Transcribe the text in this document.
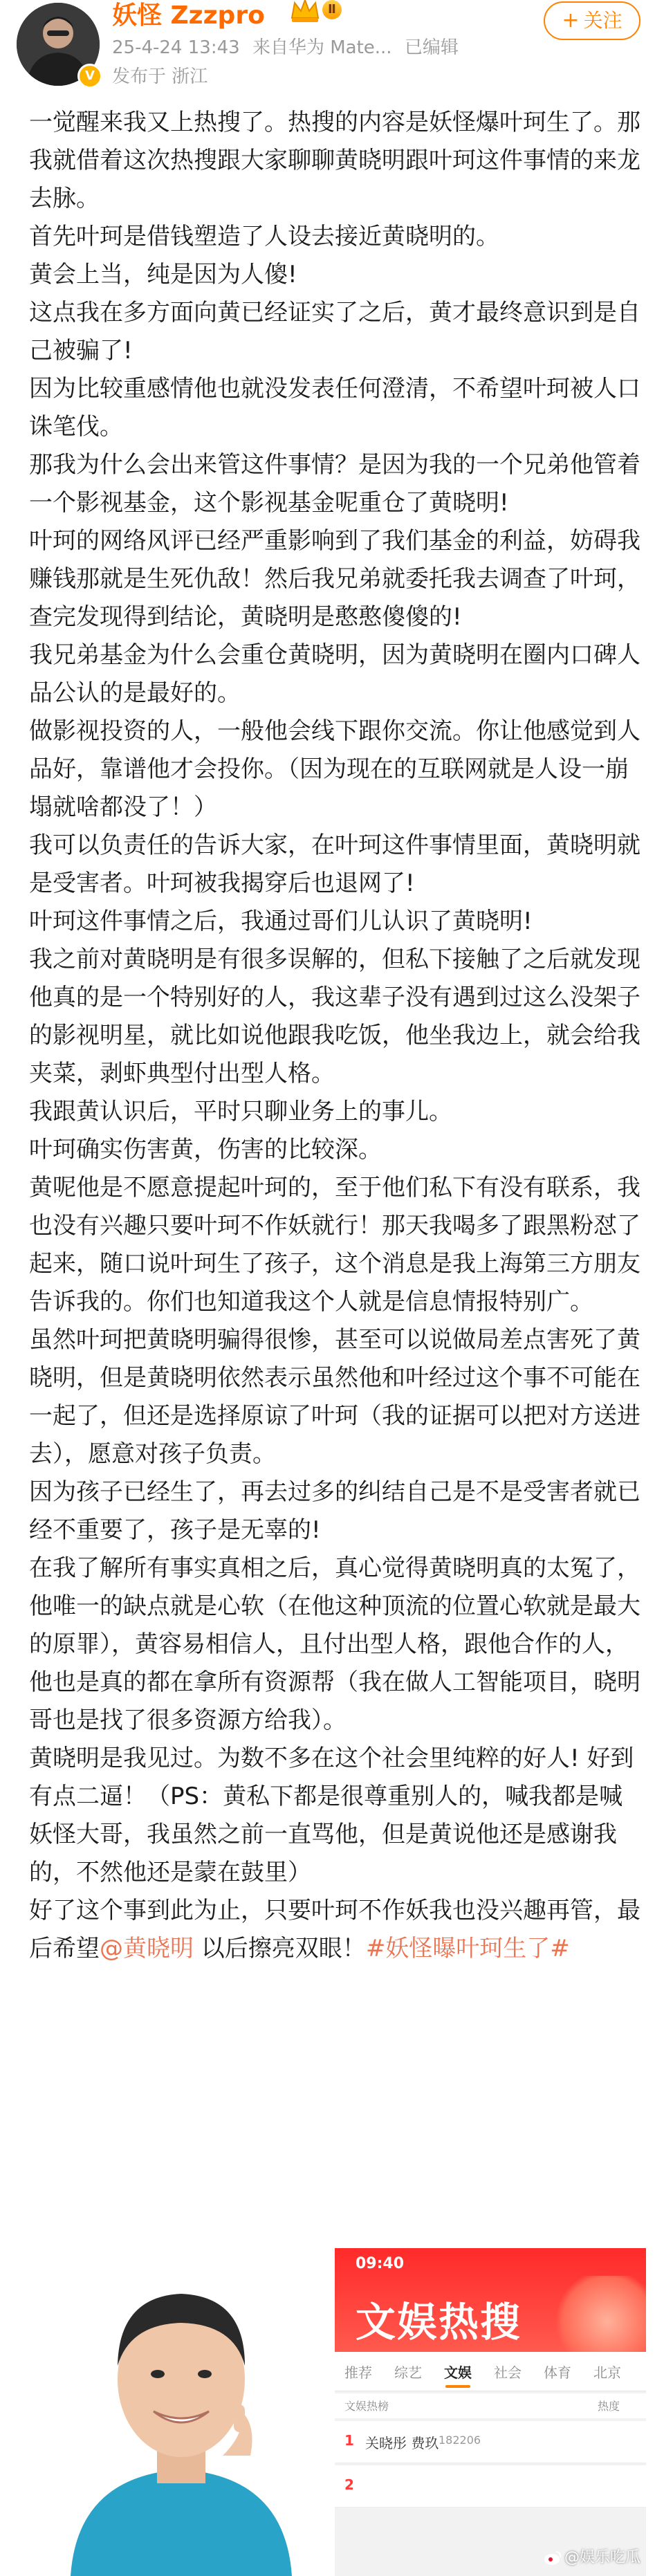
V
妖怪 Zzzpro	Ⅱ
25-4-24 13:43 来自华为 Mate... 已编辑
发布于 浙江
+ 关注

一觉醒来我又上热搜了。热搜的内容是妖怪爆叶珂生了。那我就借着这次热搜跟大家聊聊黄晓明跟叶珂这件事情的来龙去脉。

首先叶珂是借钱塑造了人设去接近黄晓明的。

黄会上当，纯是因为人傻!

这点我在多方面向黄已经证实了之后，黄才最终意识到是自己被骗了!

因为比较重感情他也就没发表任何澄清，不希望叶珂被人口诛笔伐。

那我为什么会出来管这件事情？是因为我的一个兄弟他管着一个影视基金，这个影视基金呢重仓了黄晓明!

叶珂的网络风评已经严重影响到了我们基金的利益，妨碍我赚钱那就是生死仇敌！然后我兄弟就委托我去调查了叶珂，查完发现得到结论，黄晓明是憨憨傻傻的!

我兄弟基金为什么会重仓黄晓明，因为黄晓明在圈内口碑人品公认的是最好的。

做影视投资的人，一般他会线下跟你交流。你让他感觉到人品好，靠谱他才会投你。（因为现在的互联网就是人设一崩塌就啥都没了！）

我可以负责任的告诉大家，在叶珂这件事情里面，黄晓明就是受害者。叶珂被我揭穿后也退网了!

叶珂这件事情之后，我通过哥们儿认识了黄晓明!

我之前对黄晓明是有很多误解的，但私下接触了之后就发现他真的是一个特别好的人，我这辈子没有遇到过这么没架子的影视明星，就比如说他跟我吃饭，他坐我边上，就会给我夹菜，剥虾典型付出型人格。

我跟黄认识后，平时只聊业务上的事儿。

叶珂确实伤害黄，伤害的比较深。

黄呢他是不愿意提起叶珂的，至于他们私下有没有联系，我也没有兴趣只要叶珂不作妖就行！那天我喝多了跟黑粉怼了起来，随口说叶珂生了孩子，这个消息是我上海第三方朋友告诉我的。你们也知道我这个人就是信息情报特别广。

虽然叶珂把黄晓明骗得很惨，甚至可以说做局差点害死了黄晓明，但是黄晓明依然表示虽然他和叶经过这个事不可能在一起了，但还是选择原谅了叶珂（我的证据可以把对方送进去），愿意对孩子负责。

因为孩子已经生了，再去过多的纠结自己是不是受害者就已经不重要了，孩子是无辜的!

在我了解所有事实真相之后，真心觉得黄晓明真的太冤了，他唯一的缺点就是心软（在他这种顶流的位置心软就是最大的原罪），黄容易相信人，且付出型人格，跟他合作的人，他也是真的都在拿所有资源帮（我在做人工智能项目，晓明哥也是找了很多资源方给我）。

黄晓明是我见过。为数不多在这个社会里纯粹的好人! 好到有点二逼！（PS：黄私下都是很尊重别人的，喊我都是喊妖怪大哥，我虽然之前一直骂他，但是黄说他还是感谢我的，不然他还是蒙在鼓里）

好了这个事到此为止，只要叶珂不作妖我也没兴趣再管，最后希望@黄晓明 以后擦亮双眼！#妖怪曝叶珂生了#

09:40
文娱热搜
推荐 综艺 文娱 社会 体育 北京
文娱热榜	热度
1 关晓彤 费玖 182206
2
@娱乐吃瓜
